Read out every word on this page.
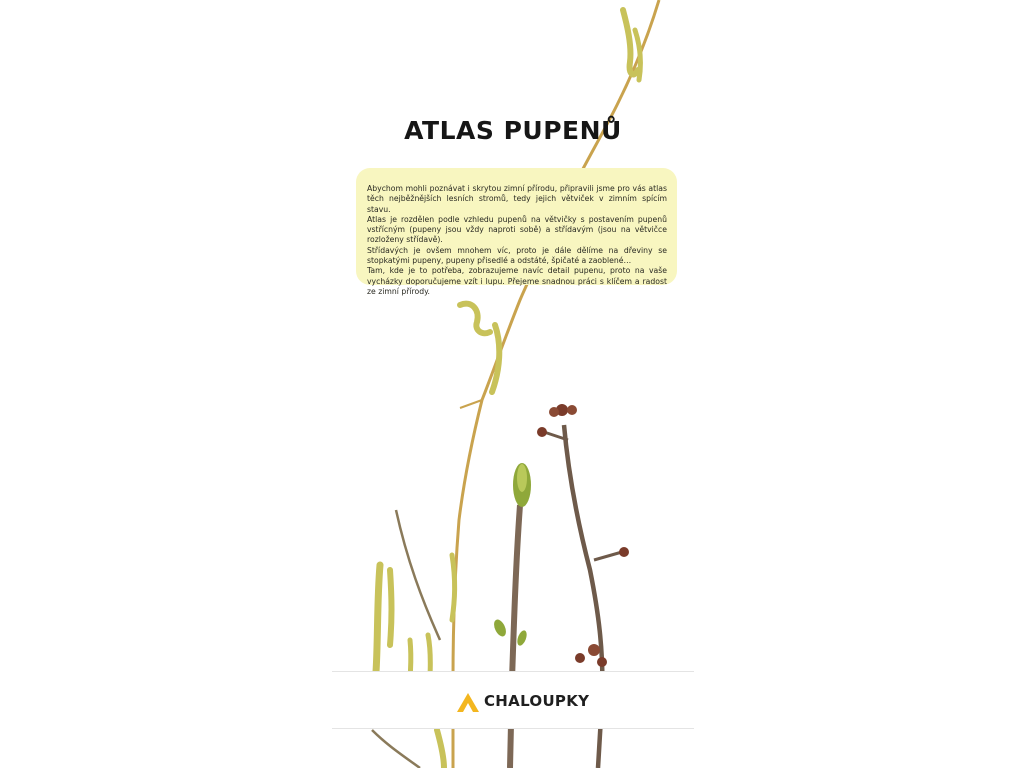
ATLAS PUPENŮ

Abychom mohli poznávat i skrytou zimní přírodu, připravili jsme pro vás atlas těch nejběžnějších lesních stromů, tedy jejich větviček v zimním spícím stavu.

Atlas je rozdělen podle vzhledu pupenů na větvičky s postavením pupenů vstřícným (pupeny jsou vždy naproti sobě) a střídavým (jsou na větvičce rozloženy střídavě).

Střídavých je ovšem mnohem víc, proto je dále dělíme na dřeviny se stopkatými pupeny, pupeny přisedlé a odstáté, špičaté a zaoblené…

Tam, kde je to potřeba, zobrazujeme navíc detail pupenu, proto na vaše vycházky doporučujeme vzít i lupu. Přejeme snadnou práci s klíčem a radost ze zimní přírody.

CHALOUPKY
